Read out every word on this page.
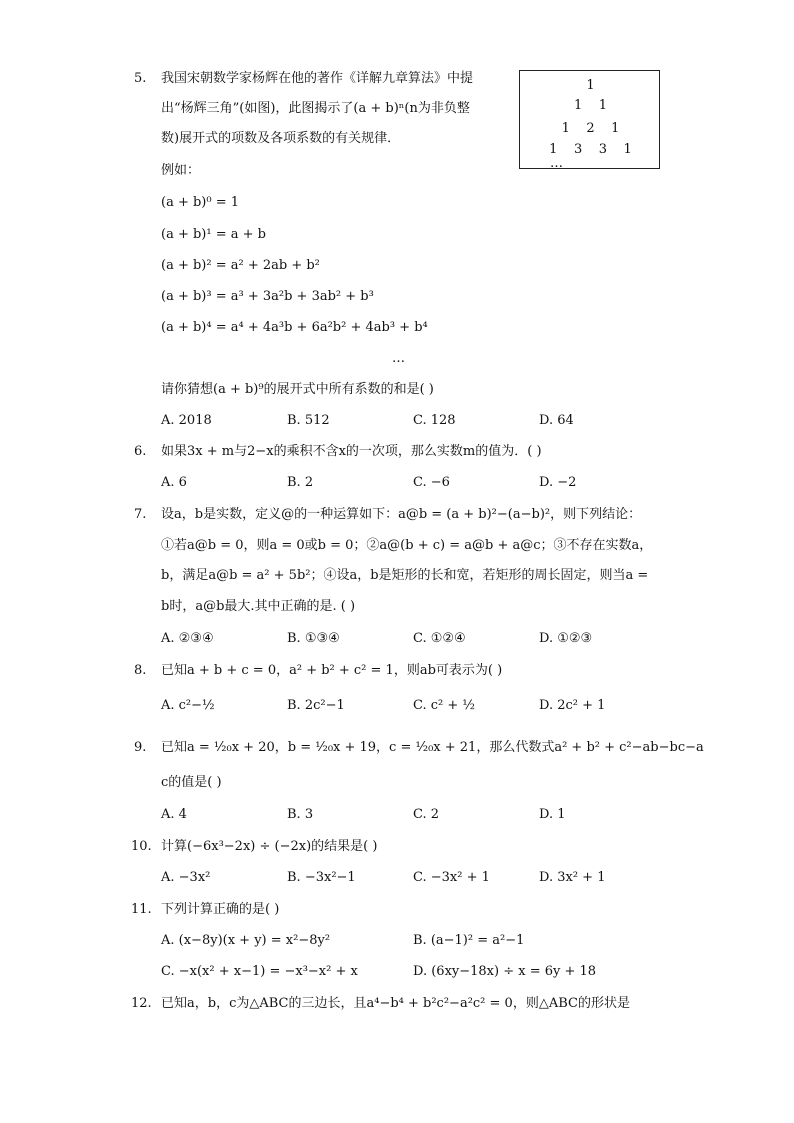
5. 我国宋朝数学家杨辉在他的著作《详解九章算法》中提
出“杨辉三角”(如图)，此图揭示了(a + b)ⁿ(n为非负整
数)展开式的项数及各项系数的有关规律．
例如：
(a + b)⁰ = 1
(a + b)¹ = a + b
(a + b)² = a² + 2ab + b²
(a + b)³ = a³ + 3a²b + 3ab² + b³
(a + b)⁴ = a⁴ + 4a³b + 6a²b² + 4ab³ + b⁴
…
请你猜想(a + b)⁹的展开式中所有系数的和是( )
1
1    1
1    2    1
1    3    3    1
…
A. 2018	B. 512	C. 128	D. 64
6. 如果3x + m与2−x的乘积不含x的一次项，那么实数m的值为．( )
A. 6	B. 2	C. −6	D. −2
7. 设a，b是实数，定义@的一种运算如下：a@b = (a + b)²−(a−b)²，则下列结论：
①若a@b = 0，则a = 0或b = 0；②a@(b + c) = a@b + a@c；③不存在实数a，
b，满足a@b = a² + 5b²；④设a，b是矩形的长和宽，若矩形的周长固定，则当a =
b时，a@b最大.其中正确的是. ( )
A. ②③④	B. ①③④	C. ①②④	D. ①②③
8. 已知a + b + c = 0，a² + b² + c² = 1，则ab可表示为( )
A. c²−½	B. 2c²−1	C. c² + ½	D. 2c² + 1
9. 已知a = ¹⁄₂₀x + 20，b = ¹⁄₂₀x + 19，c = ¹⁄₂₀x + 21，那么代数式a² + b² + c²−ab−bc−a
c的值是( )
A. 4	B. 3	C. 2	D. 1
10. 计算(−6x³−2x) ÷ (−2x)的结果是( )
A. −3x²	B. −3x²−1	C. −3x² + 1	D. 3x² + 1
11. 下列计算正确的是( )
A. (x−8y)(x + y) = x²−8y²	B. (a−1)² = a²−1
C. −x(x² + x−1) = −x³−x² + x	D. (6xy−18x) ÷ x = 6y + 18
12. 已知a，b，c为△ABC的三边长，且a⁴−b⁴ + b²c²−a²c² = 0，则△ABC的形状是
